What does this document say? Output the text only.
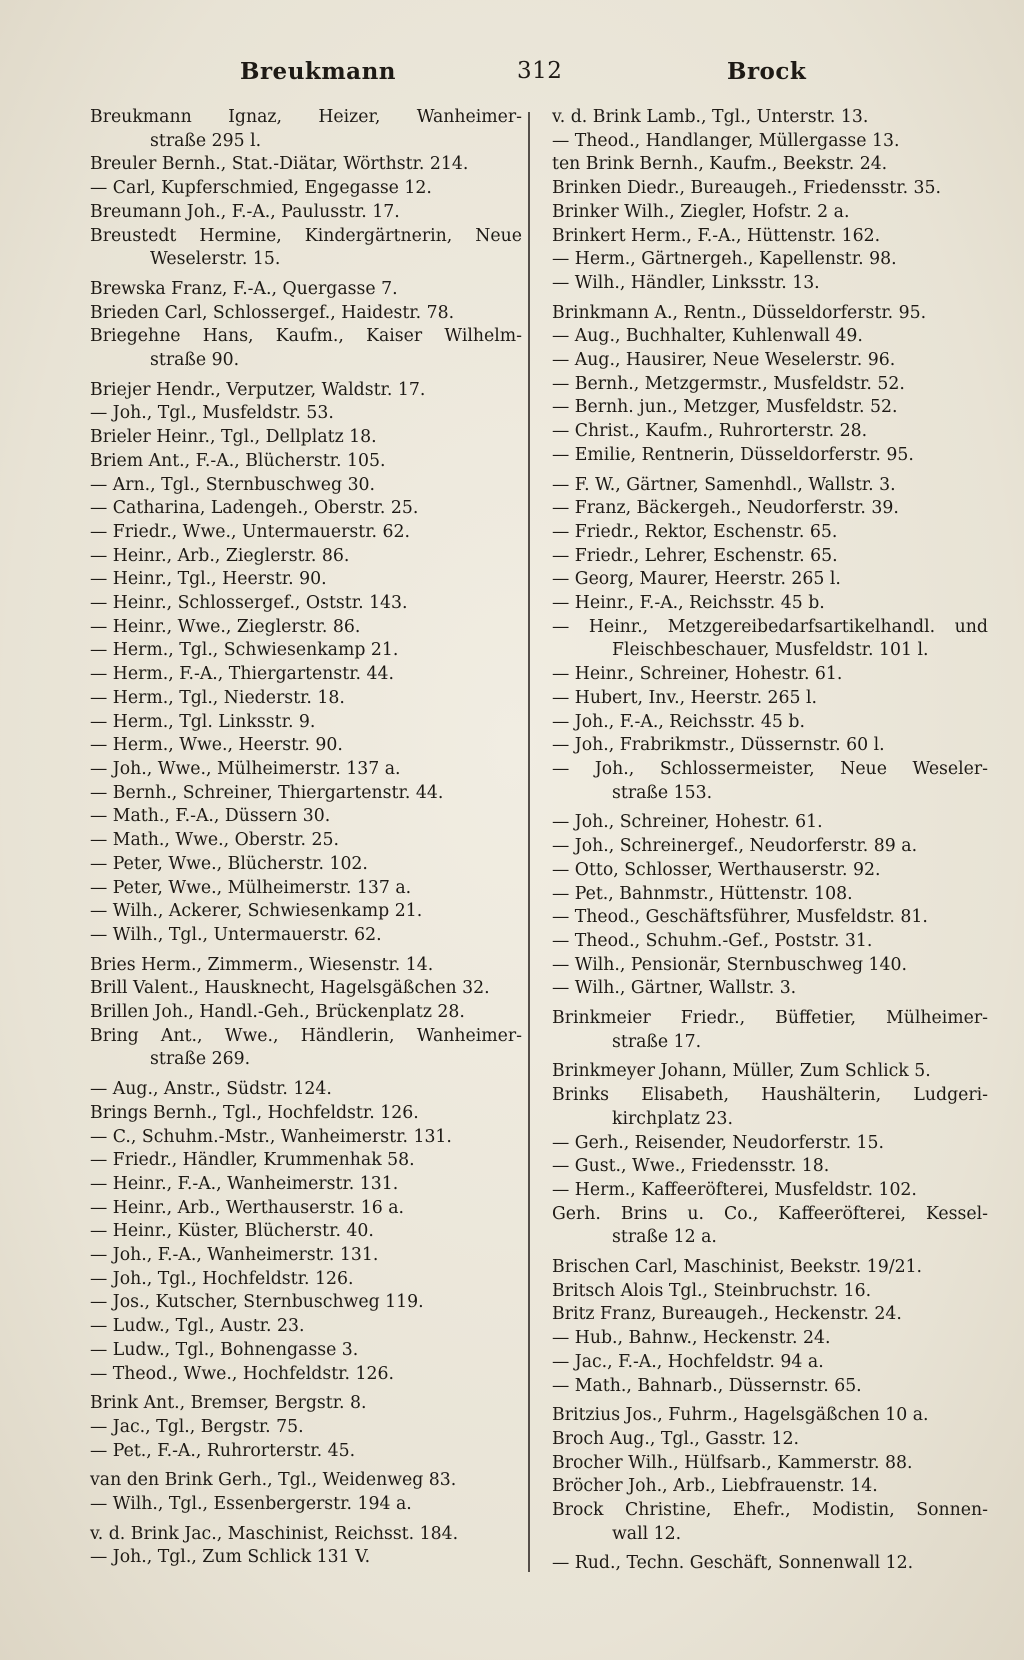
Breukmann	312	Brock
Breukmann Ignaz, Heizer, Wanheimer-
straße 295 l.
Breuler Bernh., Stat.-Diätar, Wörthstr. 214.
— Carl, Kupferschmied, Engegasse 12.
Breumann Joh., F.-A., Paulusstr. 17.
Breustedt Hermine, Kindergärtnerin, Neue
Weselerstr. 15.
Brewska Franz, F.-A., Quergasse 7.
Brieden Carl, Schlossergef., Haidestr. 78.
Briegehne Hans, Kaufm., Kaiser Wilhelm-
straße 90.
Briejer Hendr., Verputzer, Waldstr. 17.
— Joh., Tgl., Musfeldstr. 53.
Brieler Heinr., Tgl., Dellplatz 18.
Briem Ant., F.-A., Blücherstr. 105.
— Arn., Tgl., Sternbuschweg 30.
— Catharina, Ladengeh., Oberstr. 25.
— Friedr., Wwe., Untermauerstr. 62.
— Heinr., Arb., Zieglerstr. 86.
— Heinr., Tgl., Heerstr. 90.
— Heinr., Schlossergef., Oststr. 143.
— Heinr., Wwe., Zieglerstr. 86.
— Herm., Tgl., Schwiesenkamp 21.
— Herm., F.-A., Thiergartenstr. 44.
— Herm., Tgl., Niederstr. 18.
— Herm., Tgl. Linksstr. 9.
— Herm., Wwe., Heerstr. 90.
— Joh., Wwe., Mülheimerstr. 137 a.
— Bernh., Schreiner, Thiergartenstr. 44.
— Math., F.-A., Düssern 30.
— Math., Wwe., Oberstr. 25.
— Peter, Wwe., Blücherstr. 102.
— Peter, Wwe., Mülheimerstr. 137 a.
— Wilh., Ackerer, Schwiesenkamp 21.
— Wilh., Tgl., Untermauerstr. 62.
Bries Herm., Zimmerm., Wiesenstr. 14.
Brill Valent., Hausknecht, Hagelsgäßchen 32.
Brillen Joh., Handl.-Geh., Brückenplatz 28.
Bring Ant., Wwe., Händlerin, Wanheimer-
straße 269.
— Aug., Anstr., Südstr. 124.
Brings Bernh., Tgl., Hochfeldstr. 126.
— C., Schuhm.-Mstr., Wanheimerstr. 131.
— Friedr., Händler, Krummenhak 58.
— Heinr., F.-A., Wanheimerstr. 131.
— Heinr., Arb., Werthauserstr. 16 a.
— Heinr., Küster, Blücherstr. 40.
— Joh., F.-A., Wanheimerstr. 131.
— Joh., Tgl., Hochfeldstr. 126.
— Jos., Kutscher, Sternbuschweg 119.
— Ludw., Tgl., Austr. 23.
— Ludw., Tgl., Bohnengasse 3.
— Theod., Wwe., Hochfeldstr. 126.
Brink Ant., Bremser, Bergstr. 8.
— Jac., Tgl., Bergstr. 75.
— Pet., F.-A., Ruhrorterstr. 45.
van den Brink Gerh., Tgl., Weidenweg 83.
— Wilh., Tgl., Essenbergerstr. 194 a.
v. d. Brink Jac., Maschinist, Reichsst. 184.
— Joh., Tgl., Zum Schlick 131 V.
v. d. Brink Lamb., Tgl., Unterstr. 13.
— Theod., Handlanger, Müllergasse 13.
ten Brink Bernh., Kaufm., Beekstr. 24.
Brinken Diedr., Bureaugeh., Friedensstr. 35.
Brinker Wilh., Ziegler, Hofstr. 2 a.
Brinkert Herm., F.-A., Hüttenstr. 162.
— Herm., Gärtnergeh., Kapellenstr. 98.
— Wilh., Händler, Linksstr. 13.
Brinkmann A., Rentn., Düsseldorferstr. 95.
— Aug., Buchhalter, Kuhlenwall 49.
— Aug., Hausirer, Neue Weselerstr. 96.
— Bernh., Metzgermstr., Musfeldstr. 52.
— Bernh. jun., Metzger, Musfeldstr. 52.
— Christ., Kaufm., Ruhrorterstr. 28.
— Emilie, Rentnerin, Düsseldorferstr. 95.
— F. W., Gärtner, Samenhdl., Wallstr. 3.
— Franz, Bäckergeh., Neudorferstr. 39.
— Friedr., Rektor, Eschenstr. 65.
— Friedr., Lehrer, Eschenstr. 65.
— Georg, Maurer, Heerstr. 265 l.
— Heinr., F.-A., Reichsstr. 45 b.
— Heinr., Metzgereibedarfsartikelhandl. und
Fleischbeschauer, Musfeldstr. 101 l.
— Heinr., Schreiner, Hohestr. 61.
— Hubert, Inv., Heerstr. 265 l.
— Joh., F.-A., Reichsstr. 45 b.
— Joh., Frabrikmstr., Düssernstr. 60 l.
— Joh., Schlossermeister, Neue Weseler-
straße 153.
— Joh., Schreiner, Hohestr. 61.
— Joh., Schreinergef., Neudorferstr. 89 a.
— Otto, Schlosser, Werthauserstr. 92.
— Pet., Bahnmstr., Hüttenstr. 108.
— Theod., Geschäftsführer, Musfeldstr. 81.
— Theod., Schuhm.-Gef., Poststr. 31.
— Wilh., Pensionär, Sternbuschweg 140.
— Wilh., Gärtner, Wallstr. 3.
Brinkmeier Friedr., Büffetier, Mülheimer-
straße 17.
Brinkmeyer Johann, Müller, Zum Schlick 5.
Brinks Elisabeth, Haushälterin, Ludgeri-
kirchplatz 23.
— Gerh., Reisender, Neudorferstr. 15.
— Gust., Wwe., Friedensstr. 18.
— Herm., Kaffeeröfterei, Musfeldstr. 102.
Gerh. Brins u. Co., Kaffeeröfterei, Kessel-
straße 12 a.
Brischen Carl, Maschinist, Beekstr. 19/21.
Britsch Alois Tgl., Steinbruchstr. 16.
Britz Franz, Bureaugeh., Heckenstr. 24.
— Hub., Bahnw., Heckenstr. 24.
— Jac., F.-A., Hochfeldstr. 94 a.
— Math., Bahnarb., Düssernstr. 65.
Britzius Jos., Fuhrm., Hagelsgäßchen 10 a.
Broch Aug., Tgl., Gasstr. 12.
Brocher Wilh., Hülfsarb., Kammerstr. 88.
Bröcher Joh., Arb., Liebfrauenstr. 14.
Brock Christine, Ehefr., Modistin, Sonnen-
wall 12.
— Rud., Techn. Geschäft, Sonnenwall 12.
